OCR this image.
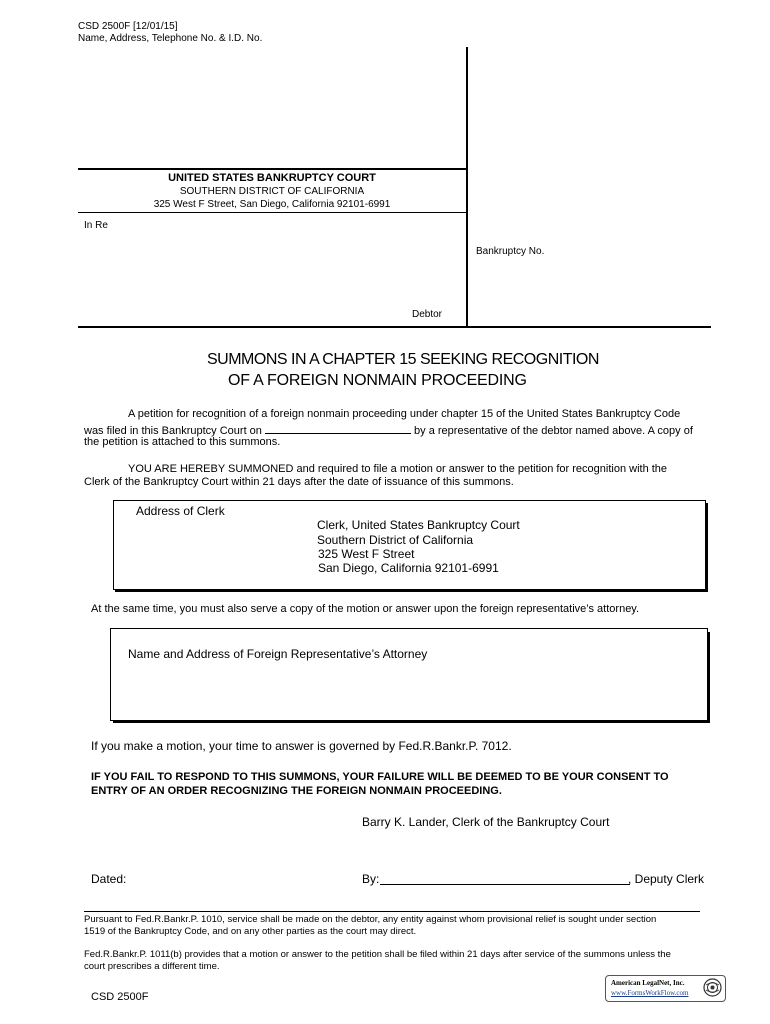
CSD 2500F [12/01/15]
Name, Address, Telephone No. & I.D. No.
UNITED STATES BANKRUPTCY COURT
SOUTHERN DISTRICT OF CALIFORNIA
325 West F Street, San Diego, California 92101-6991
In Re
Bankruptcy No.
Debtor
SUMMONS IN A CHAPTER 15 SEEKING RECOGNITION
OF A FOREIGN NONMAIN PROCEEDING
A petition for recognition of a foreign nonmain proceeding under chapter 15 of the United States Bankruptcy Code
was filed in this Bankruptcy Court on	by a representative of the debtor named above. A copy of
the petition is attached to this summons.
YOU ARE HEREBY SUMMONED and required to file a motion or answer to the petition for recognition with the
Clerk of the Bankruptcy Court within 21 days after the date of issuance of this summons.
Address of Clerk
Clerk, United States Bankruptcy Court
Southern District of California
325 West F Street
San Diego, California 92101-6991
At the same time, you must also serve a copy of the motion or answer upon the foreign representative’s attorney.
Name and Address of Foreign Representative’s Attorney
If you make a motion, your time to answer is governed by Fed.R.Bankr.P. 7012.
IF YOU FAIL TO RESPOND TO THIS SUMMONS, YOUR FAILURE WILL BE DEEMED TO BE YOUR CONSENT TO
ENTRY OF AN ORDER RECOGNIZING THE FOREIGN NONMAIN PROCEEDING.
Barry K. Lander, Clerk of the Bankruptcy Court
Dated:	By:	, Deputy Clerk
Pursuant to Fed.R.Bankr.P. 1010, service shall be made on the debtor, any entity against whom provisional relief is sought under section
1519 of the Bankruptcy Code, and on any other parties as the court may direct.
Fed.R.Bankr.P. 1011(b) provides that a motion or answer to the petition shall be filed within 21 days after service of the summons unless the
court prescribes a different time.
CSD 2500F
American LegalNet, Inc.
www.FormsWorkFlow.com
